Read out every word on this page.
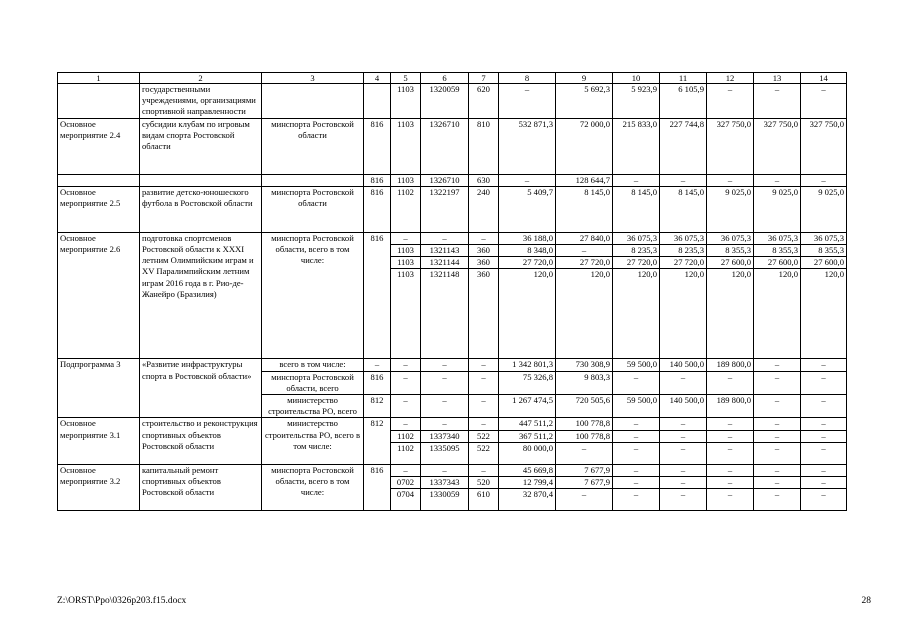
1	2	3	4	5	6	7	8	9	10	11	12	13	14
	государственными учреждениями, организациями спортивной направленности			1103	1320059	620	–	5 692,3	5 923,9	6 105,9	–	–	–
Основное мероприятие 2.4	субсидии клубам по игровым видам спорта Ростовской области	минспорта Ростовской области	816	1103	1326710	810	532 871,3	72 000,0	215 833,0	227 744,8	327 750,0	327 750,0	327 750,0
			816	1103	1326710	630	–	128 644,7	–	–	–	–	–
Основное мероприятие 2.5	развитие детско-юношеского футбола в Ростовской области	минспорта Ростовской области	816	1102	1322197	240	5 409,7	8 145,0	8 145,0	8 145,0	9 025,0	9 025,0	9 025,0
Основное мероприятие 2.6	подготовка спортсменов Ростовской области к XXXI летним Олимпийским играм и XV Паралимпийским летним играм 2016 года в г. Рио-де-Жанейро (Бразилия)	минспорта Ростовской области, всего в том числе:	816	–	–	–	36 188,0	27 840,0	36 075,3	36 075,3	36 075,3	36 075,3	36 075,3
				1103	1321143	360	8 348,0	–	8 235,3	8 235,3	8 355,3	8 355,3	8 355,3
				1103	1321144	360	27 720,0	27 720,0	27 720,0	27 720,0	27 600,0	27 600,0	27 600,0
				1103	1321148	360	120,0	120,0	120,0	120,0	120,0	120,0	120,0
Подпрограмма 3	«Развитие инфраструктуры спорта в Ростовской области»	всего в том числе:	–	–	–	–	1 342 801,3	730 308,9	59 500,0	140 500,0	189 800,0	–	–
		минспорта Ростовской области, всего	816	–	–	–	75 326,8	9 803,3	–	–	–	–	–
		министерство строительства РО, всего	812	–	–	–	1 267 474,5	720 505,6	59 500,0	140 500,0	189 800,0	–	–
Основное мероприятие 3.1	строительство и реконструкция спортивных объектов Ростовской области	министерство строительства РО, всего в том числе:	812	–	–	–	447 511,2	100 778,8	–	–	–	–	–
				1102	1337340	522	367 511,2	100 778,8	–	–	–	–	–
				1102	1335095	522	80 000,0	–	–	–	–	–	–
Основное мероприятие 3.2	капитальный ремонт спортивных объектов Ростовской области	минспорта Ростовской области, всего в том числе:	816	–	–	–	45 669,8	7 677,9	–	–	–	–	–
				0702	1337343	520	12 799,4	7 677,9	–	–	–	–	–
				0704	1330059	610	32 870,4	–	–	–	–	–	–
Z:\ORST\Ppo\0326p203.f15.docx	28
